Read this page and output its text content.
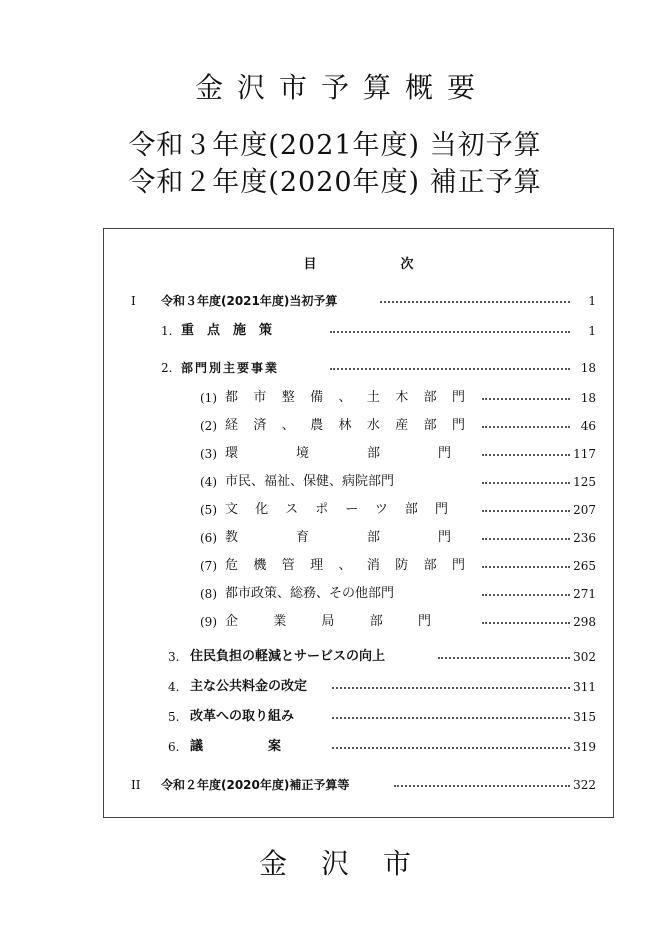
金沢市予算概要
令和３年度(2021年度) 当初予算
令和２年度(2020年度) 補正予算
目次
I 令和３年度(2021年度)当初予算	1
1. 重　点　施　策	1
2. 部門別主要事業	18
(1) 都市整備、土木部門	18
(2) 経済、農林水産部門	46
(3) 環境部門	117
(4) 市民、福祉、保健、病院部門	125
(5) 文化スポーツ部門	207
(6) 教育部門	236
(7) 危機管理、消防部門	265
(8) 都市政策、総務、その他部門	271
(9) 企業局部門	298
3. 住民負担の軽減とサービスの向上	302
4. 主な公共料金の改定	311
5. 改革への取り組み	315
6. 議　　　　　案	319
II 令和２年度(2020年度)補正予算等	322
金沢市
